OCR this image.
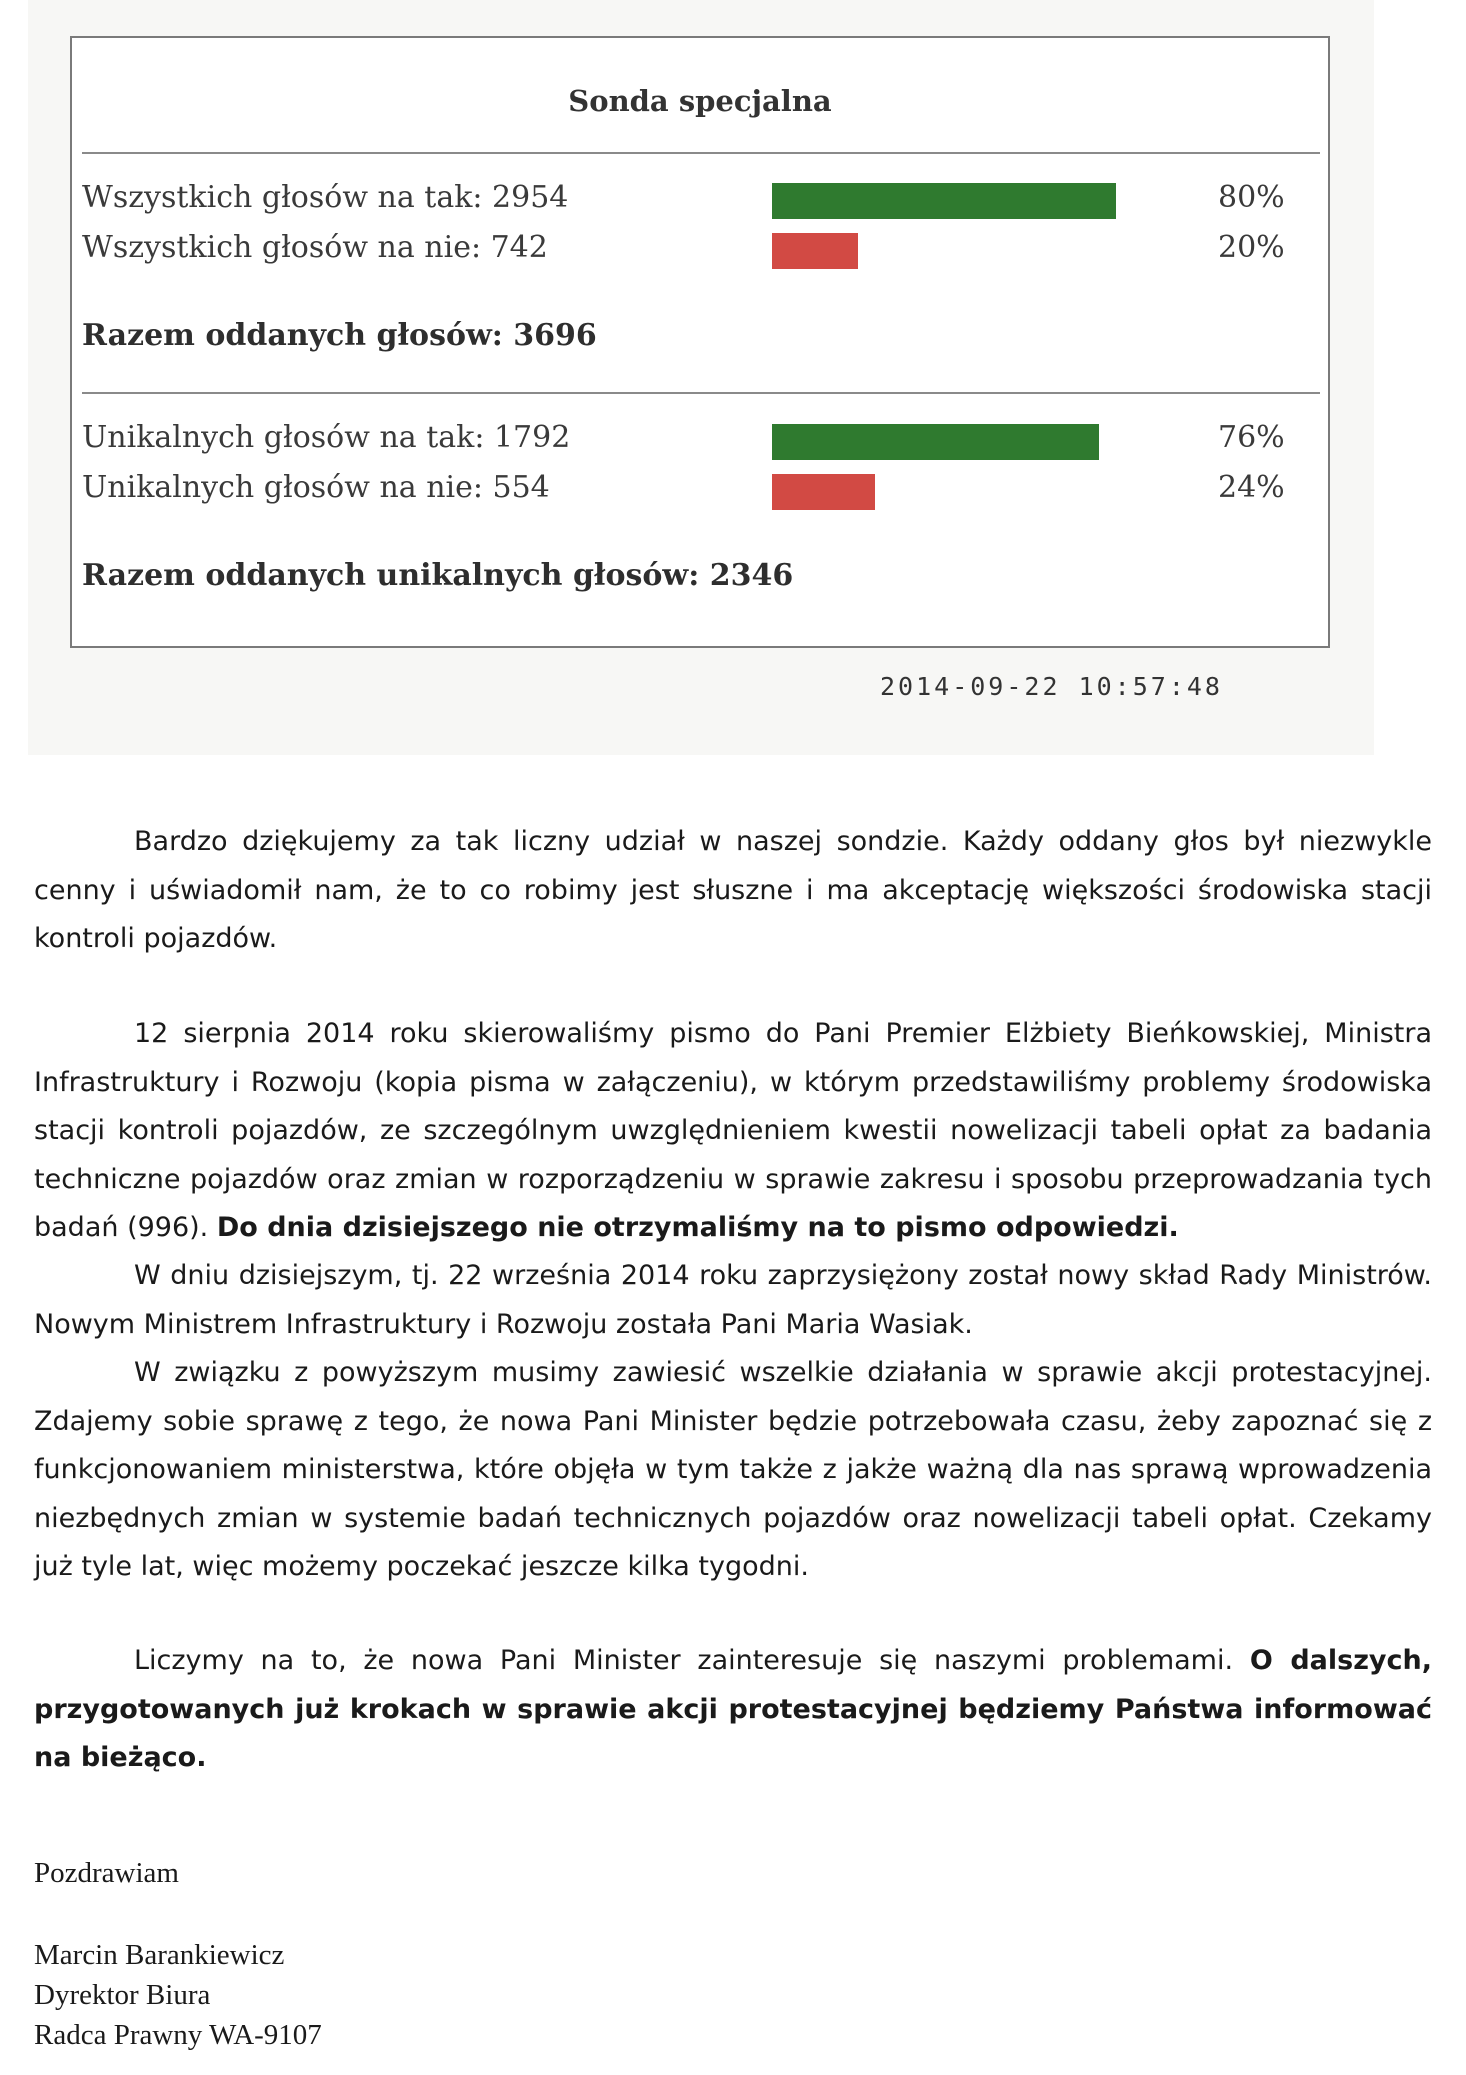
Sonda specjalna
Wszystkich głosów na tak: 2954	80%
Wszystkich głosów na nie: 742	20%
Razem oddanych głosów: 3696
Unikalnych głosów na tak: 1792	76%
Unikalnych głosów na nie: 554	24%
Razem oddanych unikalnych głosów: 2346
2014-09-22 10:57:48

Bardzo dziękujemy za tak liczny udział w naszej sondzie. Każdy oddany głos był niezwykle cenny i uświadomił nam, że to co robimy jest słuszne i ma akceptację większości środowiska stacji kontroli pojazdów.

12 sierpnia 2014 roku skierowaliśmy pismo do Pani Premier Elżbiety Bieńkowskiej, Ministra Infrastruktury i Rozwoju (kopia pisma w załączeniu), w którym przedstawiliśmy problemy środowiska stacji kontroli pojazdów, ze szczególnym uwzględnieniem kwestii nowelizacji tabeli opłat za badania techniczne pojazdów oraz zmian w rozporządzeniu w sprawie zakresu i sposobu przeprowadzania tych badań (996). Do dnia dzisiejszego nie otrzymaliśmy na to pismo odpowiedzi.

W dniu dzisiejszym, tj. 22 września 2014 roku zaprzysiężony został nowy skład Rady Ministrów. Nowym Ministrem Infrastruktury i Rozwoju została Pani Maria Wasiak.

W związku z powyższym musimy zawiesić wszelkie działania w sprawie akcji protestacyjnej. Zdajemy sobie sprawę z tego, że nowa Pani Minister będzie potrzebowała czasu, żeby zapoznać się z funkcjonowaniem ministerstwa, które objęła w tym także z jakże ważną dla nas sprawą wprowadzenia niezbędnych zmian w systemie badań technicznych pojazdów oraz nowelizacji tabeli opłat. Czekamy już tyle lat, więc możemy poczekać jeszcze kilka tygodni.

Liczymy na to, że nowa Pani Minister zainteresuje się naszymi problemami. O dalszych, przygotowanych już krokach w sprawie akcji protestacyjnej będziemy Państwa informować na bieżąco.

Pozdrawiam
Marcin Barankiewicz
Dyrektor Biura
Radca Prawny WA-9107
